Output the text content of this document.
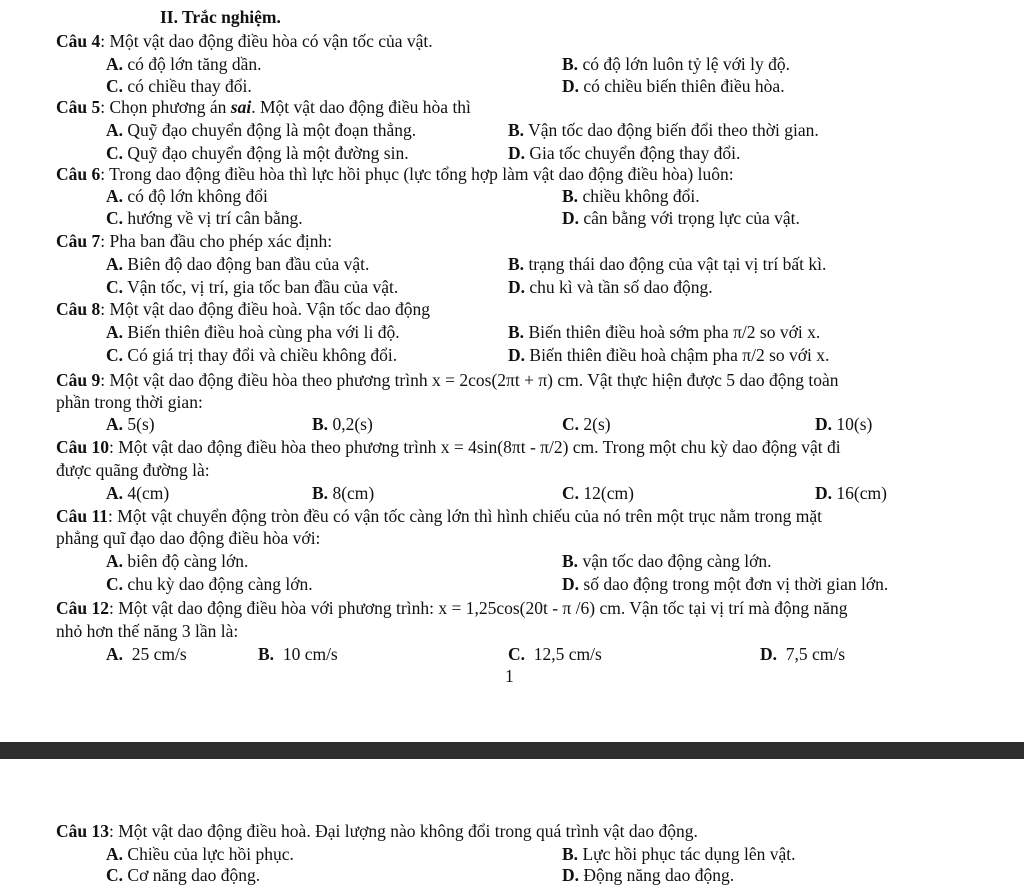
II. Trắc nghiệm.
Câu 4: Một vật dao động điều hòa có vận tốc của vật.
A. có độ lớn tăng dần.	B. có độ lớn luôn tỷ lệ với ly độ.
C. có chiều thay đổi.	D. có chiều biến thiên điều hòa.
Câu 5: Chọn phương án sai. Một vật dao động điều hòa thì
A. Quỹ đạo chuyển động là một đoạn thẳng.	B. Vận tốc dao động biến đổi theo thời gian.
C. Quỹ đạo chuyển động là một đường sin.	D. Gia tốc chuyển động thay đổi.
Câu 6: Trong dao động điều hòa thì lực hồi phục (lực tổng hợp làm vật dao động điều hòa) luôn:
A. có độ lớn không đổi	B. chiều không đổi.
C. hướng về vị trí cân bằng.	D. cân bằng với trọng lực của vật.
Câu 7: Pha ban đầu cho phép xác định:
A. Biên độ dao động ban đầu của vật.	B. trạng thái dao động của vật tại vị trí bất kì.
C. Vận tốc, vị trí, gia tốc ban đầu của vật.	D. chu kì và tần số dao động.
Câu 8: Một vật dao động điều hoà. Vận tốc dao động
A. Biến thiên điều hoà cùng pha với li độ.	B. Biến thiên điều hoà sớm pha π/2 so với x.
C. Có giá trị thay đổi và chiều không đổi.	D. Biến thiên điều hoà chậm pha π/2 so với x.
Câu 9: Một vật dao động điều hòa theo phương trình x = 2cos(2πt + π) cm. Vật thực hiện được 5 dao động toàn
phần trong thời gian:
A. 5(s)	B. 0,2(s)	C. 2(s)	D. 10(s)
Câu 10: Một vật dao động điều hòa theo phương trình x = 4sin(8πt - π/2) cm. Trong một chu kỳ dao động vật đi
được quãng đường là:
A. 4(cm)	B. 8(cm)	C. 12(cm)	D. 16(cm)
Câu 11: Một vật chuyển động tròn đều có vận tốc càng lớn thì hình chiếu của nó trên một trục nằm trong mặt
phẳng quĩ đạo dao động điều hòa với:
A. biên độ càng lớn.	B. vận tốc dao động càng lớn.
C. chu kỳ dao động càng lớn.	D. số dao động trong một đơn vị thời gian lớn.
Câu 12: Một vật dao động điều hòa với phương trình: x = 1,25cos(20t - π /6) cm. Vận tốc tại vị trí mà động năng
nhỏ hơn thế năng 3 lần là:
A.  25 cm/s	B.  10 cm/s	C.  12,5 cm/s	D.  7,5 cm/s
1
Câu 13: Một vật dao động điều hoà. Đại lượng nào không đổi trong quá trình vật dao động.
A. Chiều của lực hồi phục.	B. Lực hồi phục tác dụng lên vật.
C. Cơ năng dao động.	D. Động năng dao động.
